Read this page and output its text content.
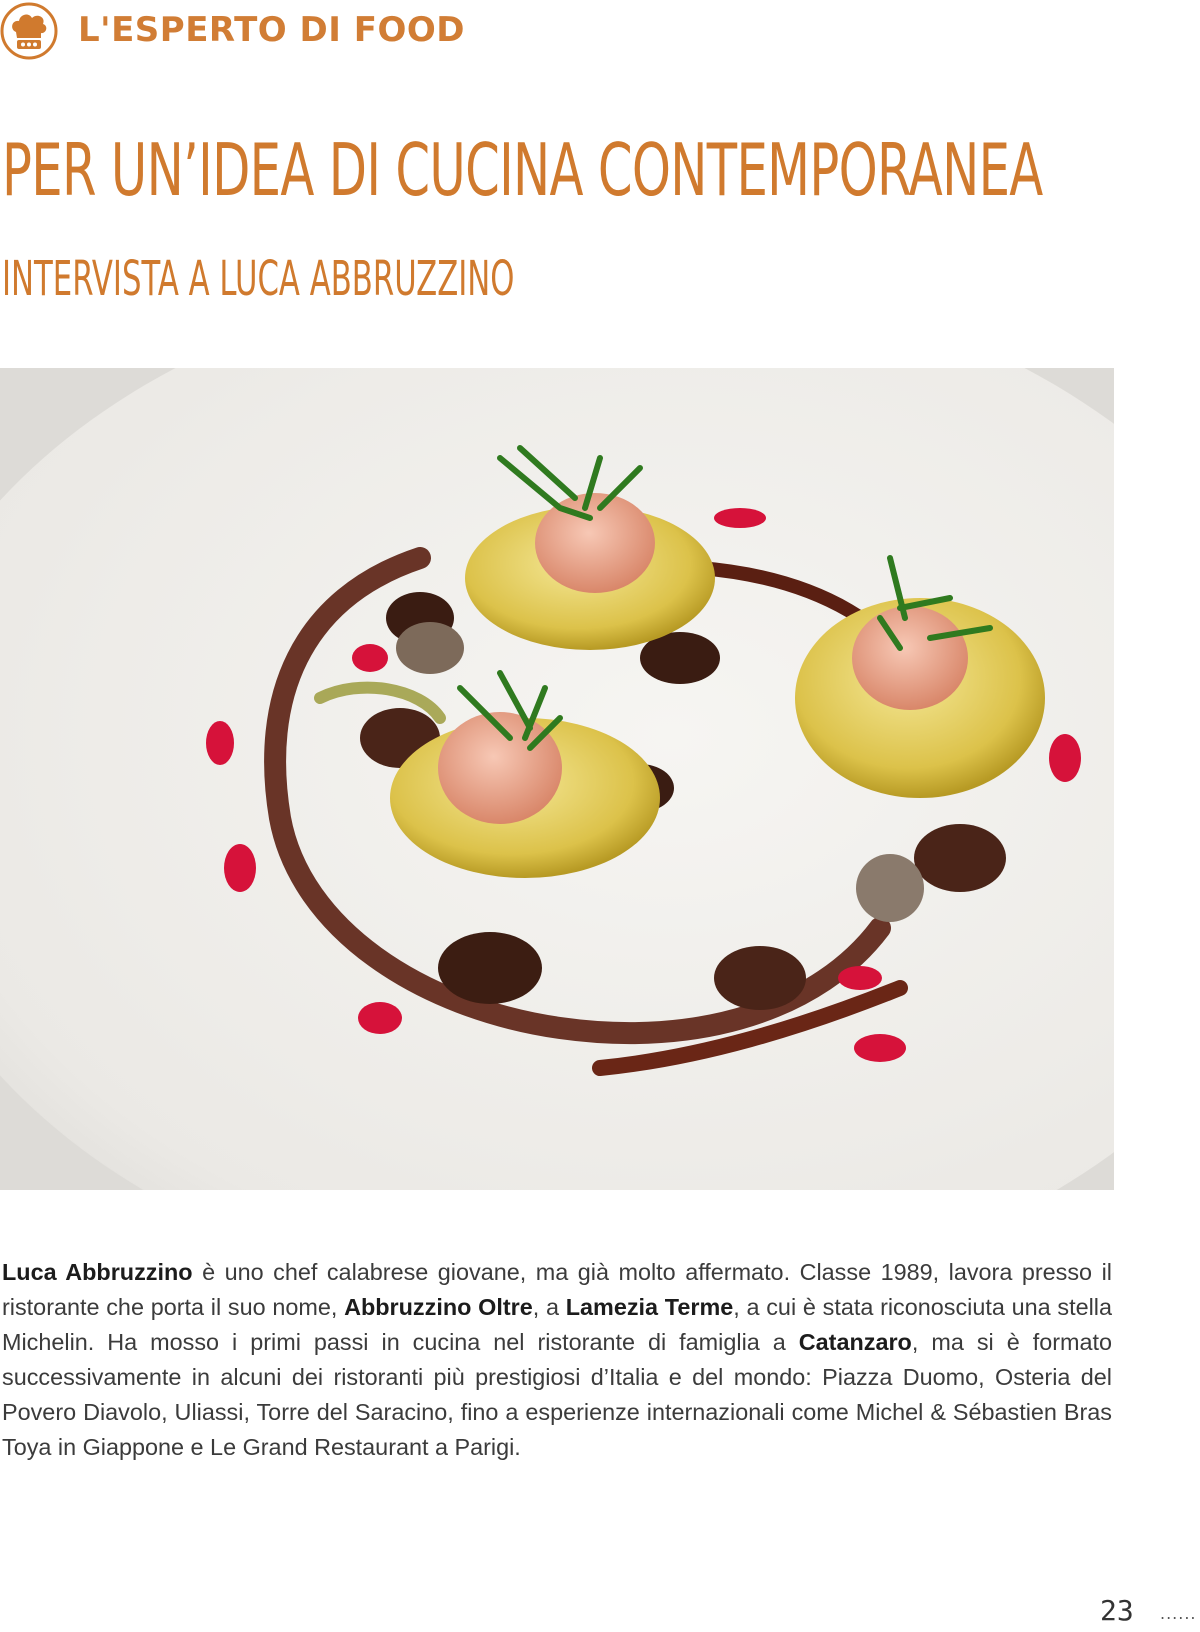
L'ESPERTO DI FOOD
PER UN’IDEA DI CUCINA CONTEMPORANEA
INTERVISTA A LUCA ABBRUZZINO
Luca Abbruzzino è uno chef calabrese giovane, ma già molto affermato. Classe 1989, lavora presso il ristorante che porta il suo nome, Abbruzzino Oltre, a Lamezia Terme, a cui è stata riconosciuta una stella Michelin. Ha mosso i primi passi in cucina nel ristorante di famiglia a Catanzaro, ma si è formato successivamente in alcuni dei ristoranti più prestigiosi d’Italia e del mondo: Piazza Duomo, Osteria del Povero Diavolo, Uliassi, Torre del Saracino, fino a esperienze internazionali come Michel & Sébastien Bras Toya in Giappone e Le Grand Restaurant a Parigi.
23 ......
